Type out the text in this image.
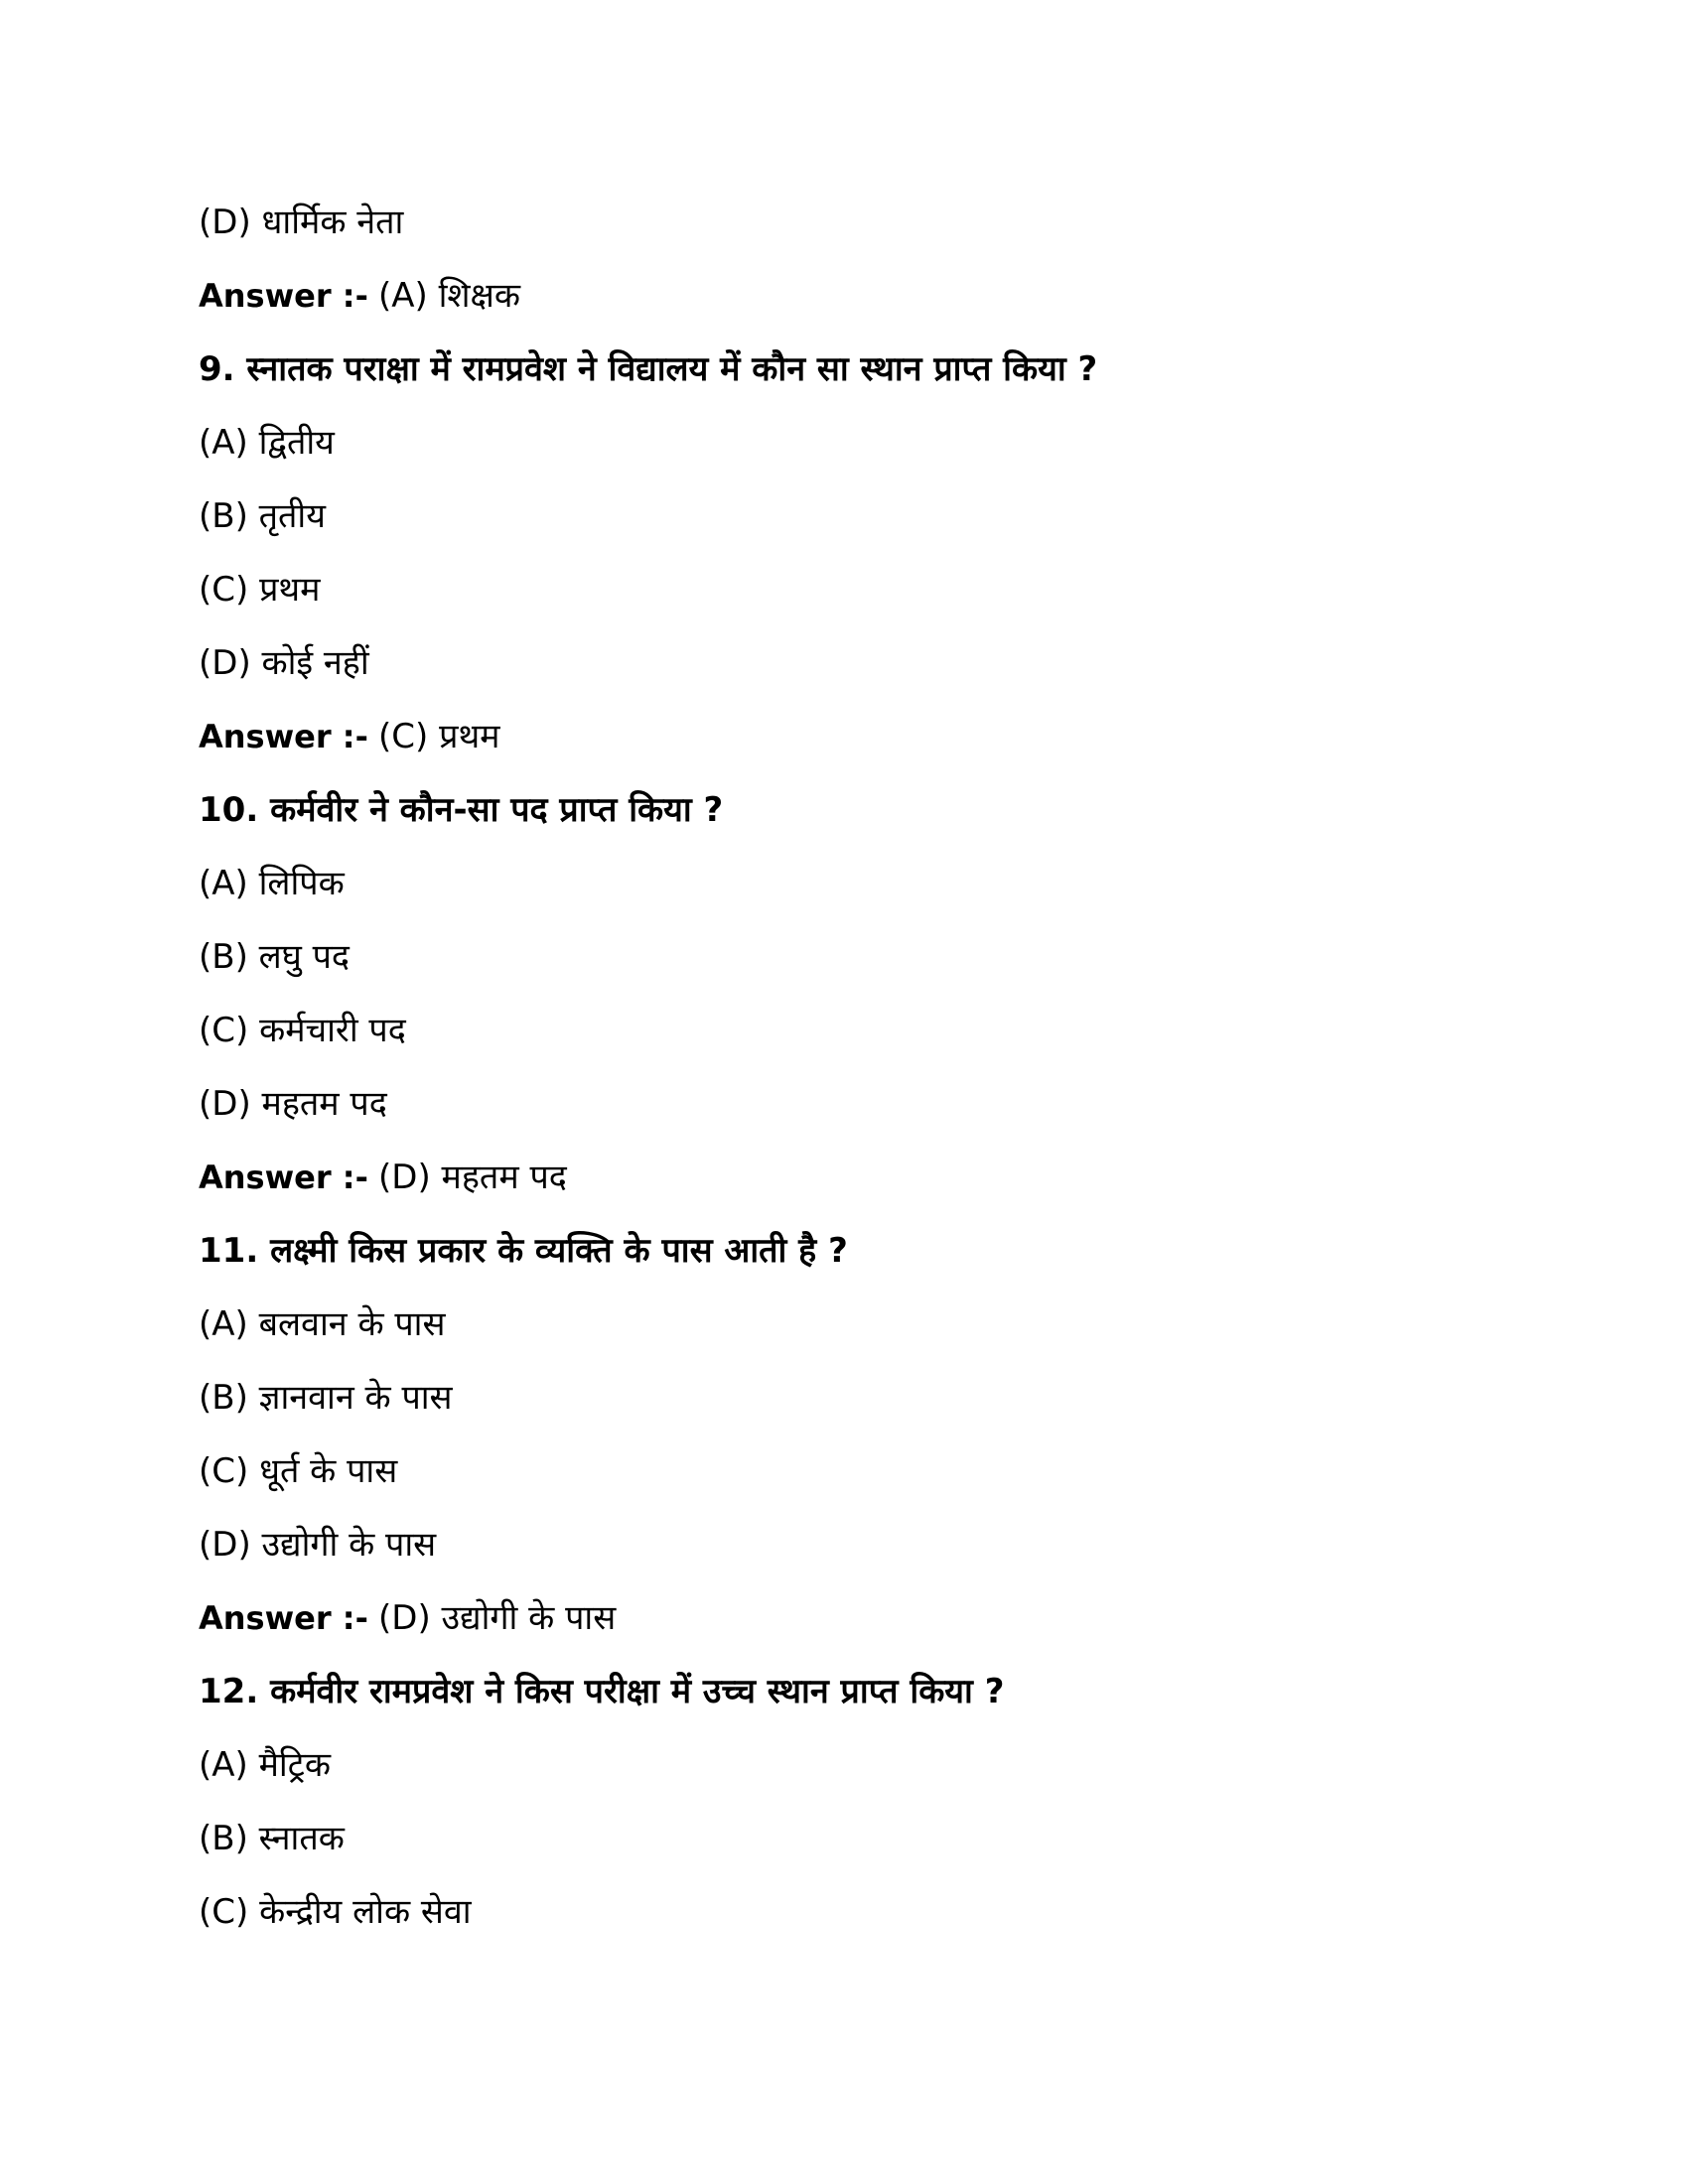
(D) धार्मिक नेता
Answer :- (A) शिक्षक
9. स्नातक पराक्षा में रामप्रवेश ने विद्यालय में कौन सा स्थान प्राप्त किया ?
(A) द्वितीय
(B) तृतीय
(C) प्रथम
(D) कोई नहीं
Answer :- (C) प्रथम
10. कर्मवीर ने कौन-सा पद प्राप्त किया ?
(A) लिपिक
(B) लघु पद
(C) कर्मचारी पद
(D) महतम पद
Answer :- (D) महतम पद
11. लक्ष्मी किस प्रकार के व्यक्ति के पास आती है ?
(A) बलवान के पास
(B) ज्ञानवान के पास
(C) धूर्त के पास
(D) उद्योगी के पास
Answer :- (D) उद्योगी के पास
12. कर्मवीर रामप्रवेश ने किस परीक्षा में उच्च स्थान प्राप्त किया ?
(A) मैट्रिक
(B) स्नातक
(C) केन्द्रीय लोक सेवा
